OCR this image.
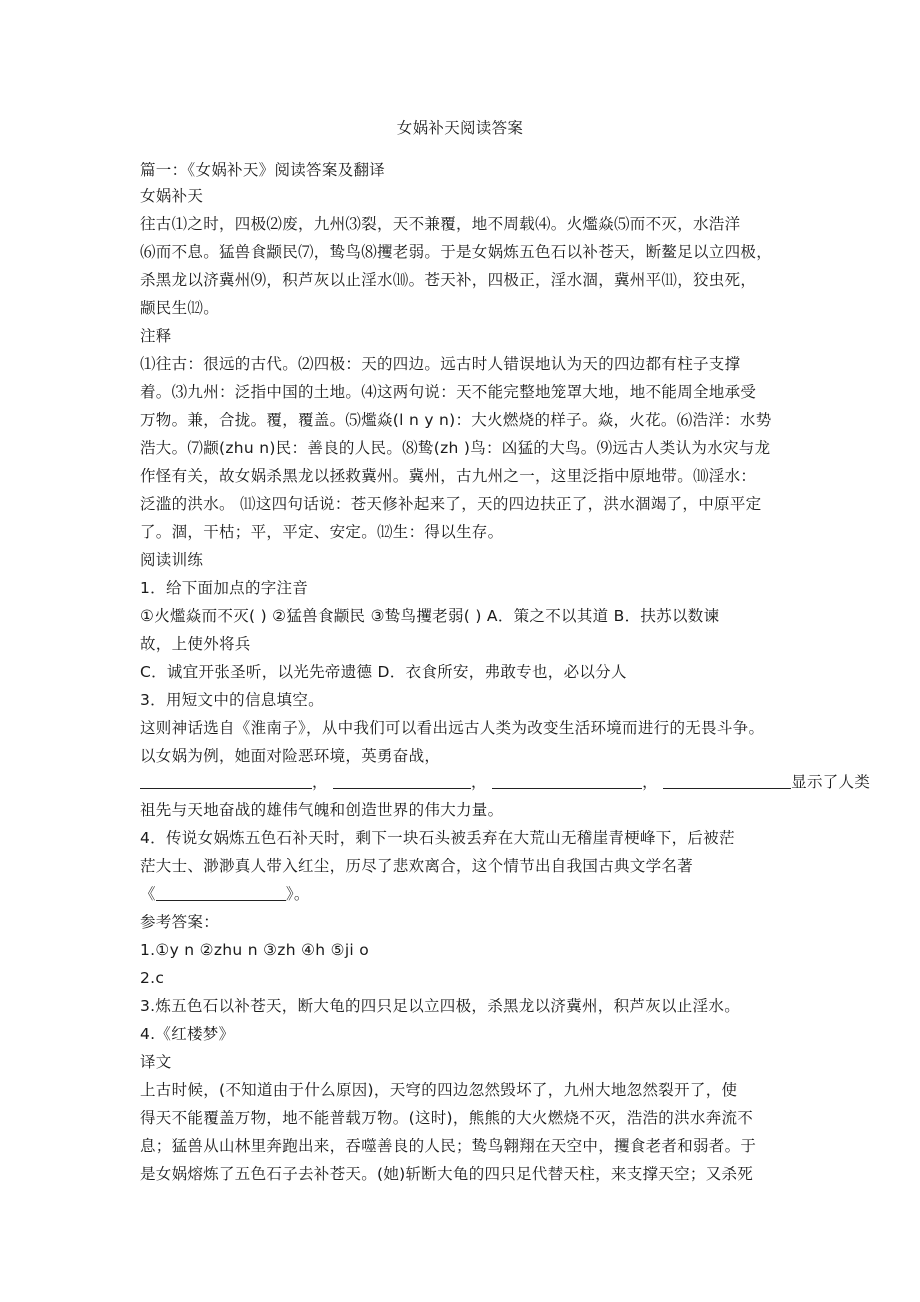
女娲补天阅读答案
篇一：《女娲补天》阅读答案及翻译
女娲补天
往古⑴之时，四极⑵废，九州⑶裂，天不兼覆，地不周载⑷。火爁焱⑸而不灭，水浩洋
⑹而不息。猛兽食颛民⑺，鸷鸟⑻攫老弱。于是女娲炼五色石以补苍天，断鳌足以立四极，
杀黑龙以济冀州⑼，积芦灰以止淫水⑽。苍天补，四极正，淫水涸，冀州平⑾，狡虫死，
颛民生⑿。
注释
⑴往古：很远的古代。⑵四极：天的四边。远古时人错误地认为天的四边都有柱子支撑
着。⑶九州：泛指中国的土地。⑷这两句说：天不能完整地笼罩大地，地不能周全地承受
万物。兼，合拢。覆，覆盖。⑸爁焱(l n y n)：大火燃烧的样子。焱，火花。⑹浩洋：水势
浩大。⑺颛(zhu n)民：善良的人民。⑻鸷(zh )鸟：凶猛的大鸟。⑼远古人类认为水灾与龙
作怪有关，故女娲杀黑龙以拯救冀州。冀州，古九州之一，这里泛指中原地带。⑽淫水：
泛滥的洪水。 ⑾这四句话说：苍天修补起来了，天的四边扶正了，洪水涸竭了，中原平定
了。涸，干枯；平，平定、安定。⑿生：得以生存。
阅读训练
1．给下面加点的字注音
①火爁焱而不灭( ) ②猛兽食颛民 ③鸷鸟攫老弱( ) A．策之不以其道 B．扶苏以数谏
故，上使外将兵
C．诚宜开张圣听，以光先帝遗德 D．衣食所安，弗敢专也，必以分人
3．用短文中的信息填空。
这则神话选自《淮南子》，从中我们可以看出远古人类为改变生活环境而进行的无畏斗争。
以女娲为例，她面对险恶环境，英勇奋战，
，	，	，	显示了人类
祖先与天地奋战的雄伟气魄和创造世界的伟大力量。
4．传说女娲炼五色石补天时，剩下一块石头被丢弃在大荒山无稽崖青梗峰下，后被茫
茫大士、渺渺真人带入红尘，历尽了悲欢离合，这个情节出自我国古典文学名著
《	》。
参考答案：
1.①y n ②zhu n ③zh ④h ⑤ji o
2.c
3.炼五色石以补苍天，断大龟的四只足以立四极，杀黑龙以济冀州，积芦灰以止淫水。
4.《红楼梦》
译文
上古时候，(不知道由于什么原因)，天穹的四边忽然毁坏了，九州大地忽然裂开了，使
得天不能覆盖万物，地不能普载万物。(这时)，熊熊的大火燃烧不灭，浩浩的洪水奔流不
息；猛兽从山林里奔跑出来，吞噬善良的人民；鸷鸟翱翔在天空中，攫食老者和弱者。于
是女娲熔炼了五色石子去补苍天。(她)斩断大龟的四只足代替天柱，来支撑天空；又杀死
